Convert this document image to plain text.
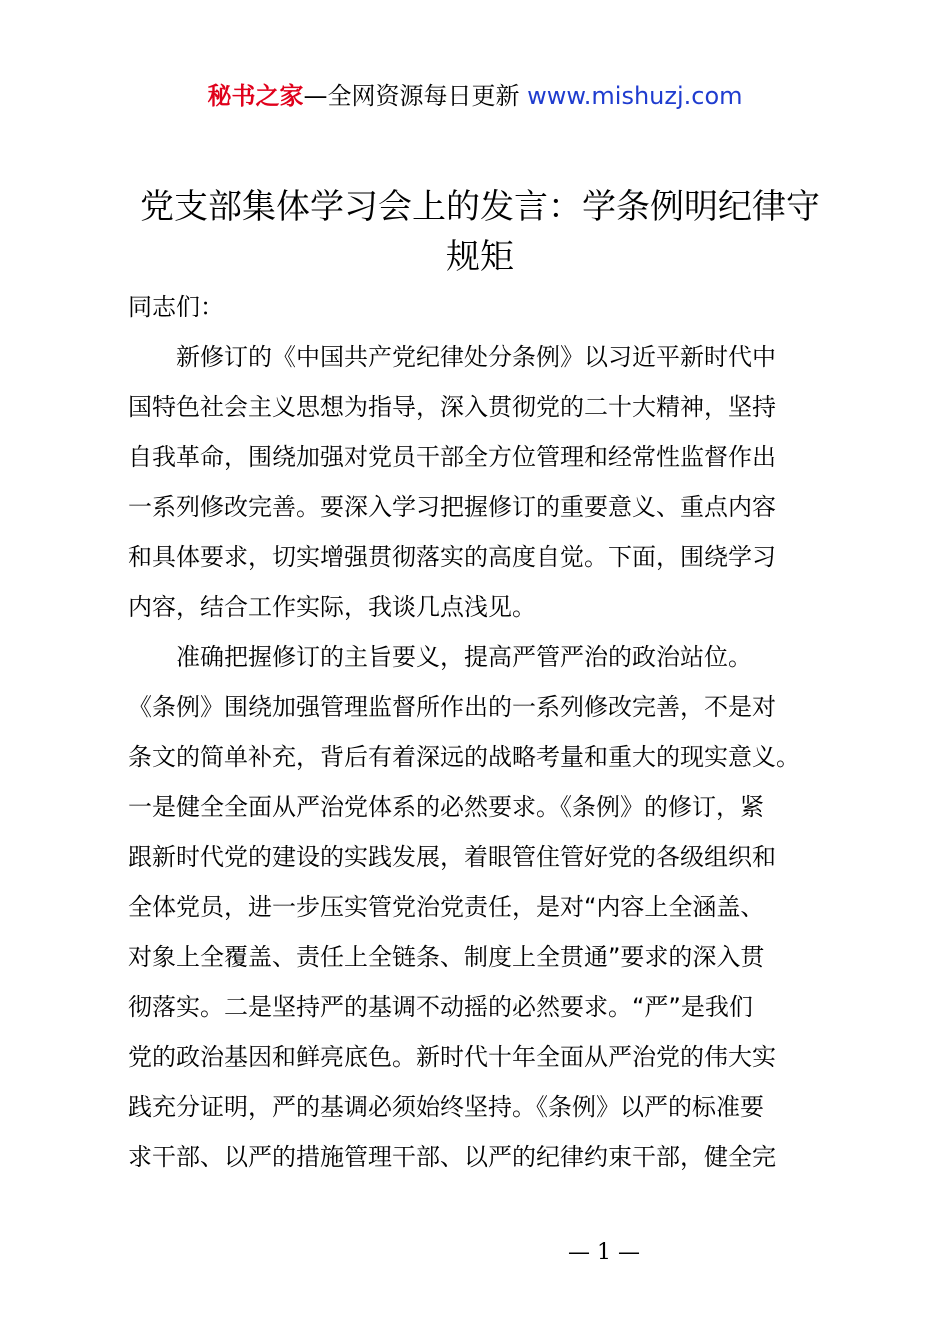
秘书之家—全网资源每日更新 www.mishuzj.com
党支部集体学习会上的发言：学条例明纪律守
规矩
同志们：
新修订的《中国共产党纪律处分条例》以习近平新时代中
国特色社会主义思想为指导，深入贯彻党的二十大精神，坚持
自我革命，围绕加强对党员干部全方位管理和经常性监督作出
一系列修改完善。要深入学习把握修订的重要意义、重点内容
和具体要求，切实增强贯彻落实的高度自觉。下面，围绕学习
内容，结合工作实际，我谈几点浅见。
准确把握修订的主旨要义，提高严管严治的政治站位。
《条例》围绕加强管理监督所作出的一系列修改完善，不是对
条文的简单补充，背后有着深远的战略考量和重大的现实意义。
一是健全全面从严治党体系的必然要求。《条例》的修订，紧
跟新时代党的建设的实践发展，着眼管住管好党的各级组织和
全体党员，进一步压实管党治党责任，是对“内容上全涵盖、
对象上全覆盖、责任上全链条、制度上全贯通”要求的深入贯
彻落实。二是坚持严的基调不动摇的必然要求。“严”是我们
党的政治基因和鲜亮底色。新时代十年全面从严治党的伟大实
践充分证明，严的基调必须始终坚持。《条例》以严的标准要
求干部、以严的措施管理干部、以严的纪律约束干部，健全完
— 1 —
